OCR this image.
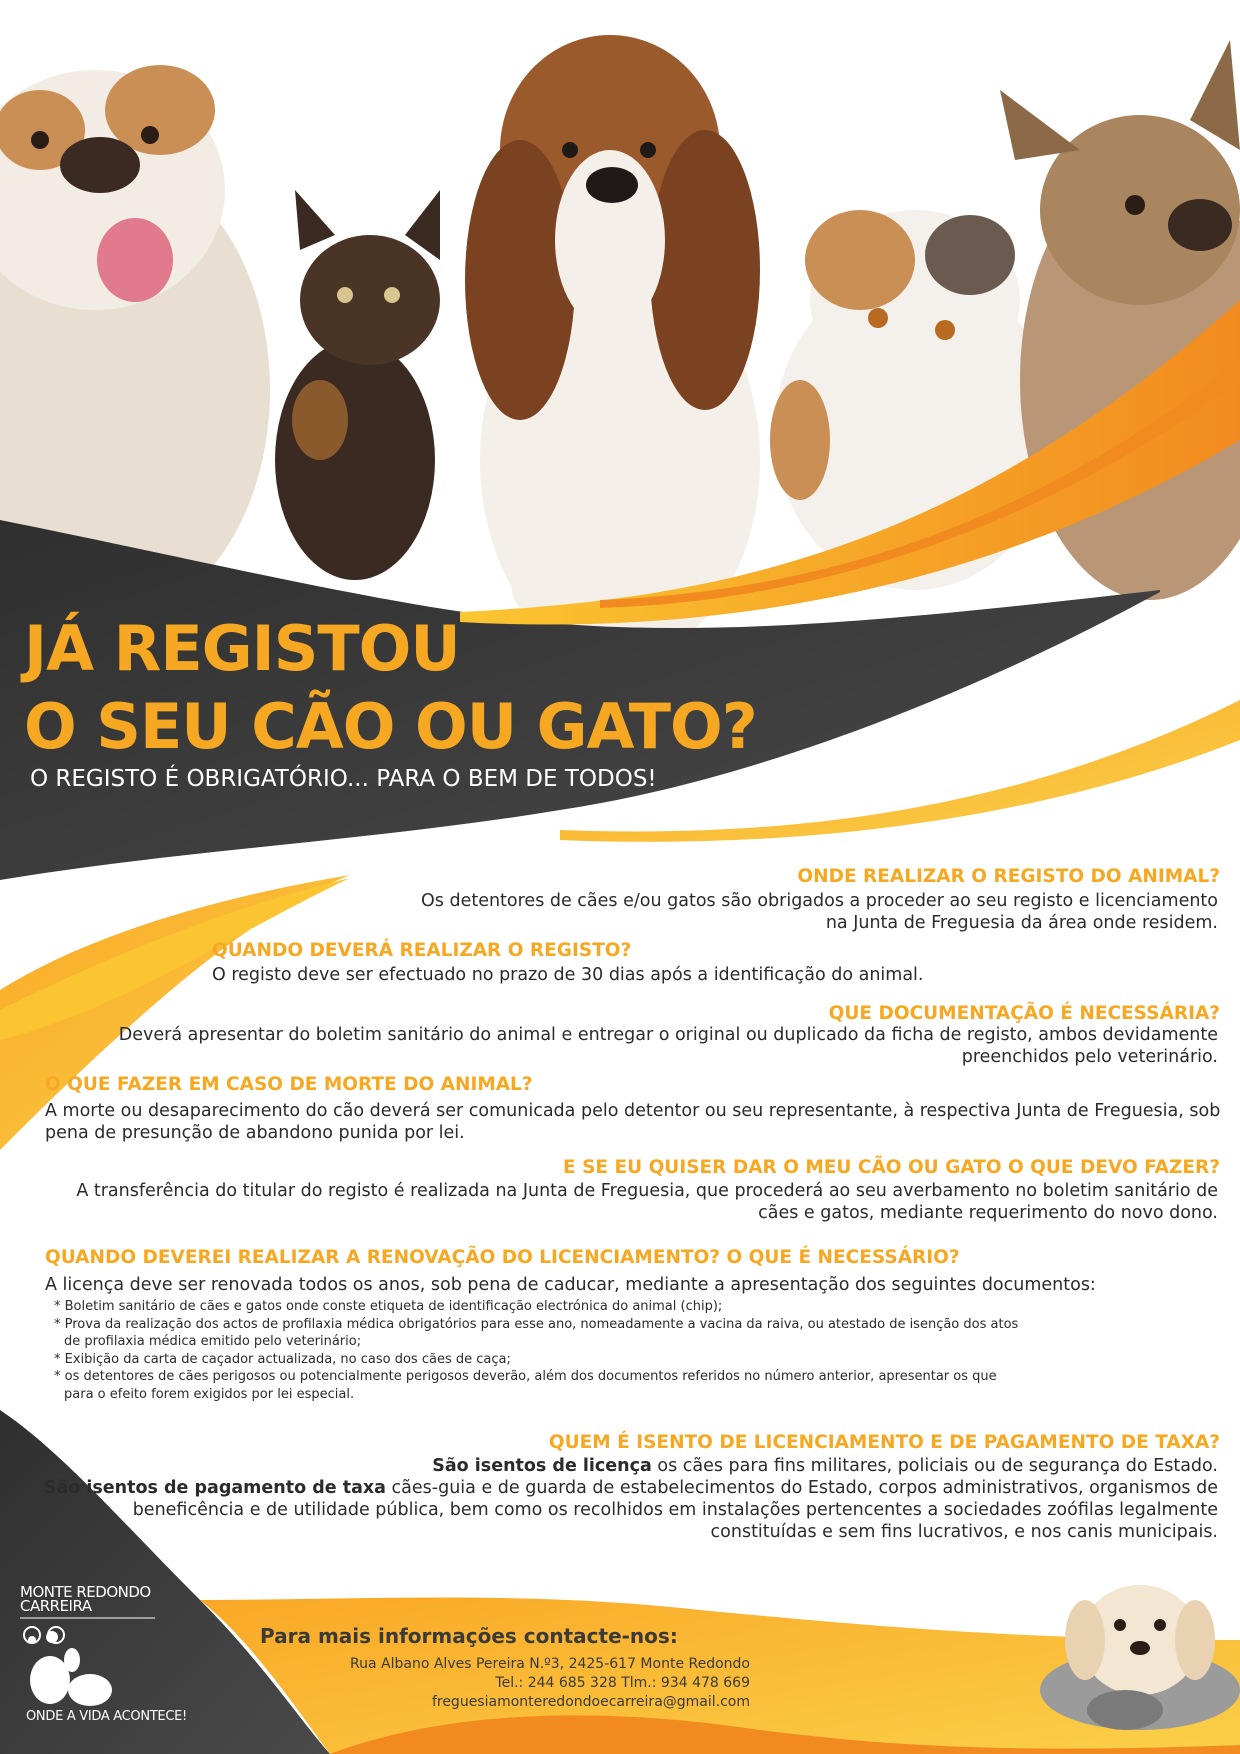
JÁ REGISTOU
O SEU CÃO OU GATO?
O REGISTO É OBRIGATÓRIO... PARA O BEM DE TODOS!
ONDE REALIZAR O REGISTO DO ANIMAL?
Os detentores de cães e/ou gatos são obrigados a proceder ao seu registo e licenciamento
na Junta de Freguesia da área onde residem.
QUANDO DEVERÁ REALIZAR O REGISTO?
O registo deve ser efectuado no prazo de 30 dias após a identificação do animal.
QUE DOCUMENTAÇÃO É NECESSÁRIA?
Deverá apresentar do boletim sanitário do animal e entregar o original ou duplicado da ficha de registo, ambos devidamente
preenchidos pelo veterinário.
O QUE FAZER EM CASO DE MORTE DO ANIMAL?
A morte ou desaparecimento do cão deverá ser comunicada pelo detentor ou seu representante, à respectiva Junta de Freguesia, sob
pena de presunção de abandono punida por lei.
E SE EU QUISER DAR O MEU CÃO OU GATO O QUE DEVO FAZER?
A transferência do titular do registo é realizada na Junta de Freguesia, que procederá ao seu averbamento no boletim sanitário de
cães e gatos, mediante requerimento do novo dono.
QUANDO DEVEREI REALIZAR A RENOVAÇÃO DO LICENCIAMENTO? O QUE É NECESSÁRIO?
A licença deve ser renovada todos os anos, sob pena de caducar, mediante a apresentação dos seguintes documentos:
* Boletim sanitário de cães e gatos onde conste etiqueta de identificação electrónica do animal (chip);
* Prova da realização dos actos de profilaxia médica obrigatórios para esse ano, nomeadamente a vacina da raiva, ou atestado de isenção dos atos
de profilaxia médica emitido pelo veterinário;
* Exibição da carta de caçador actualizada, no caso dos cães de caça;
* os detentores de cães perigosos ou potencialmente perigosos deverão, além dos documentos referidos no número anterior, apresentar os que
para o efeito forem exigidos por lei especial.
QUEM É ISENTO DE LICENCIAMENTO E DE PAGAMENTO DE TAXA?
São isentos de licença os cães para fins militares, policiais ou de segurança do Estado.
São isentos de pagamento de taxa cães-guia e de guarda de estabelecimentos do Estado, corpos administrativos, organismos de
beneficência e de utilidade pública, bem como os recolhidos em instalações pertencentes a sociedades zoófilas legalmente
constituídas e sem fins lucrativos, e nos canis municipais.
Para mais informações contacte-nos:
Rua Albano Alves Pereira N.º3, 2425-617 Monte Redondo
Tel.: 244 685 328 Tlm.: 934 478 669
freguesiamonteredondoecarreira@gmail.com
MONTE REDONDO
CARREIRA
ONDE A VIDA ACONTECE!
